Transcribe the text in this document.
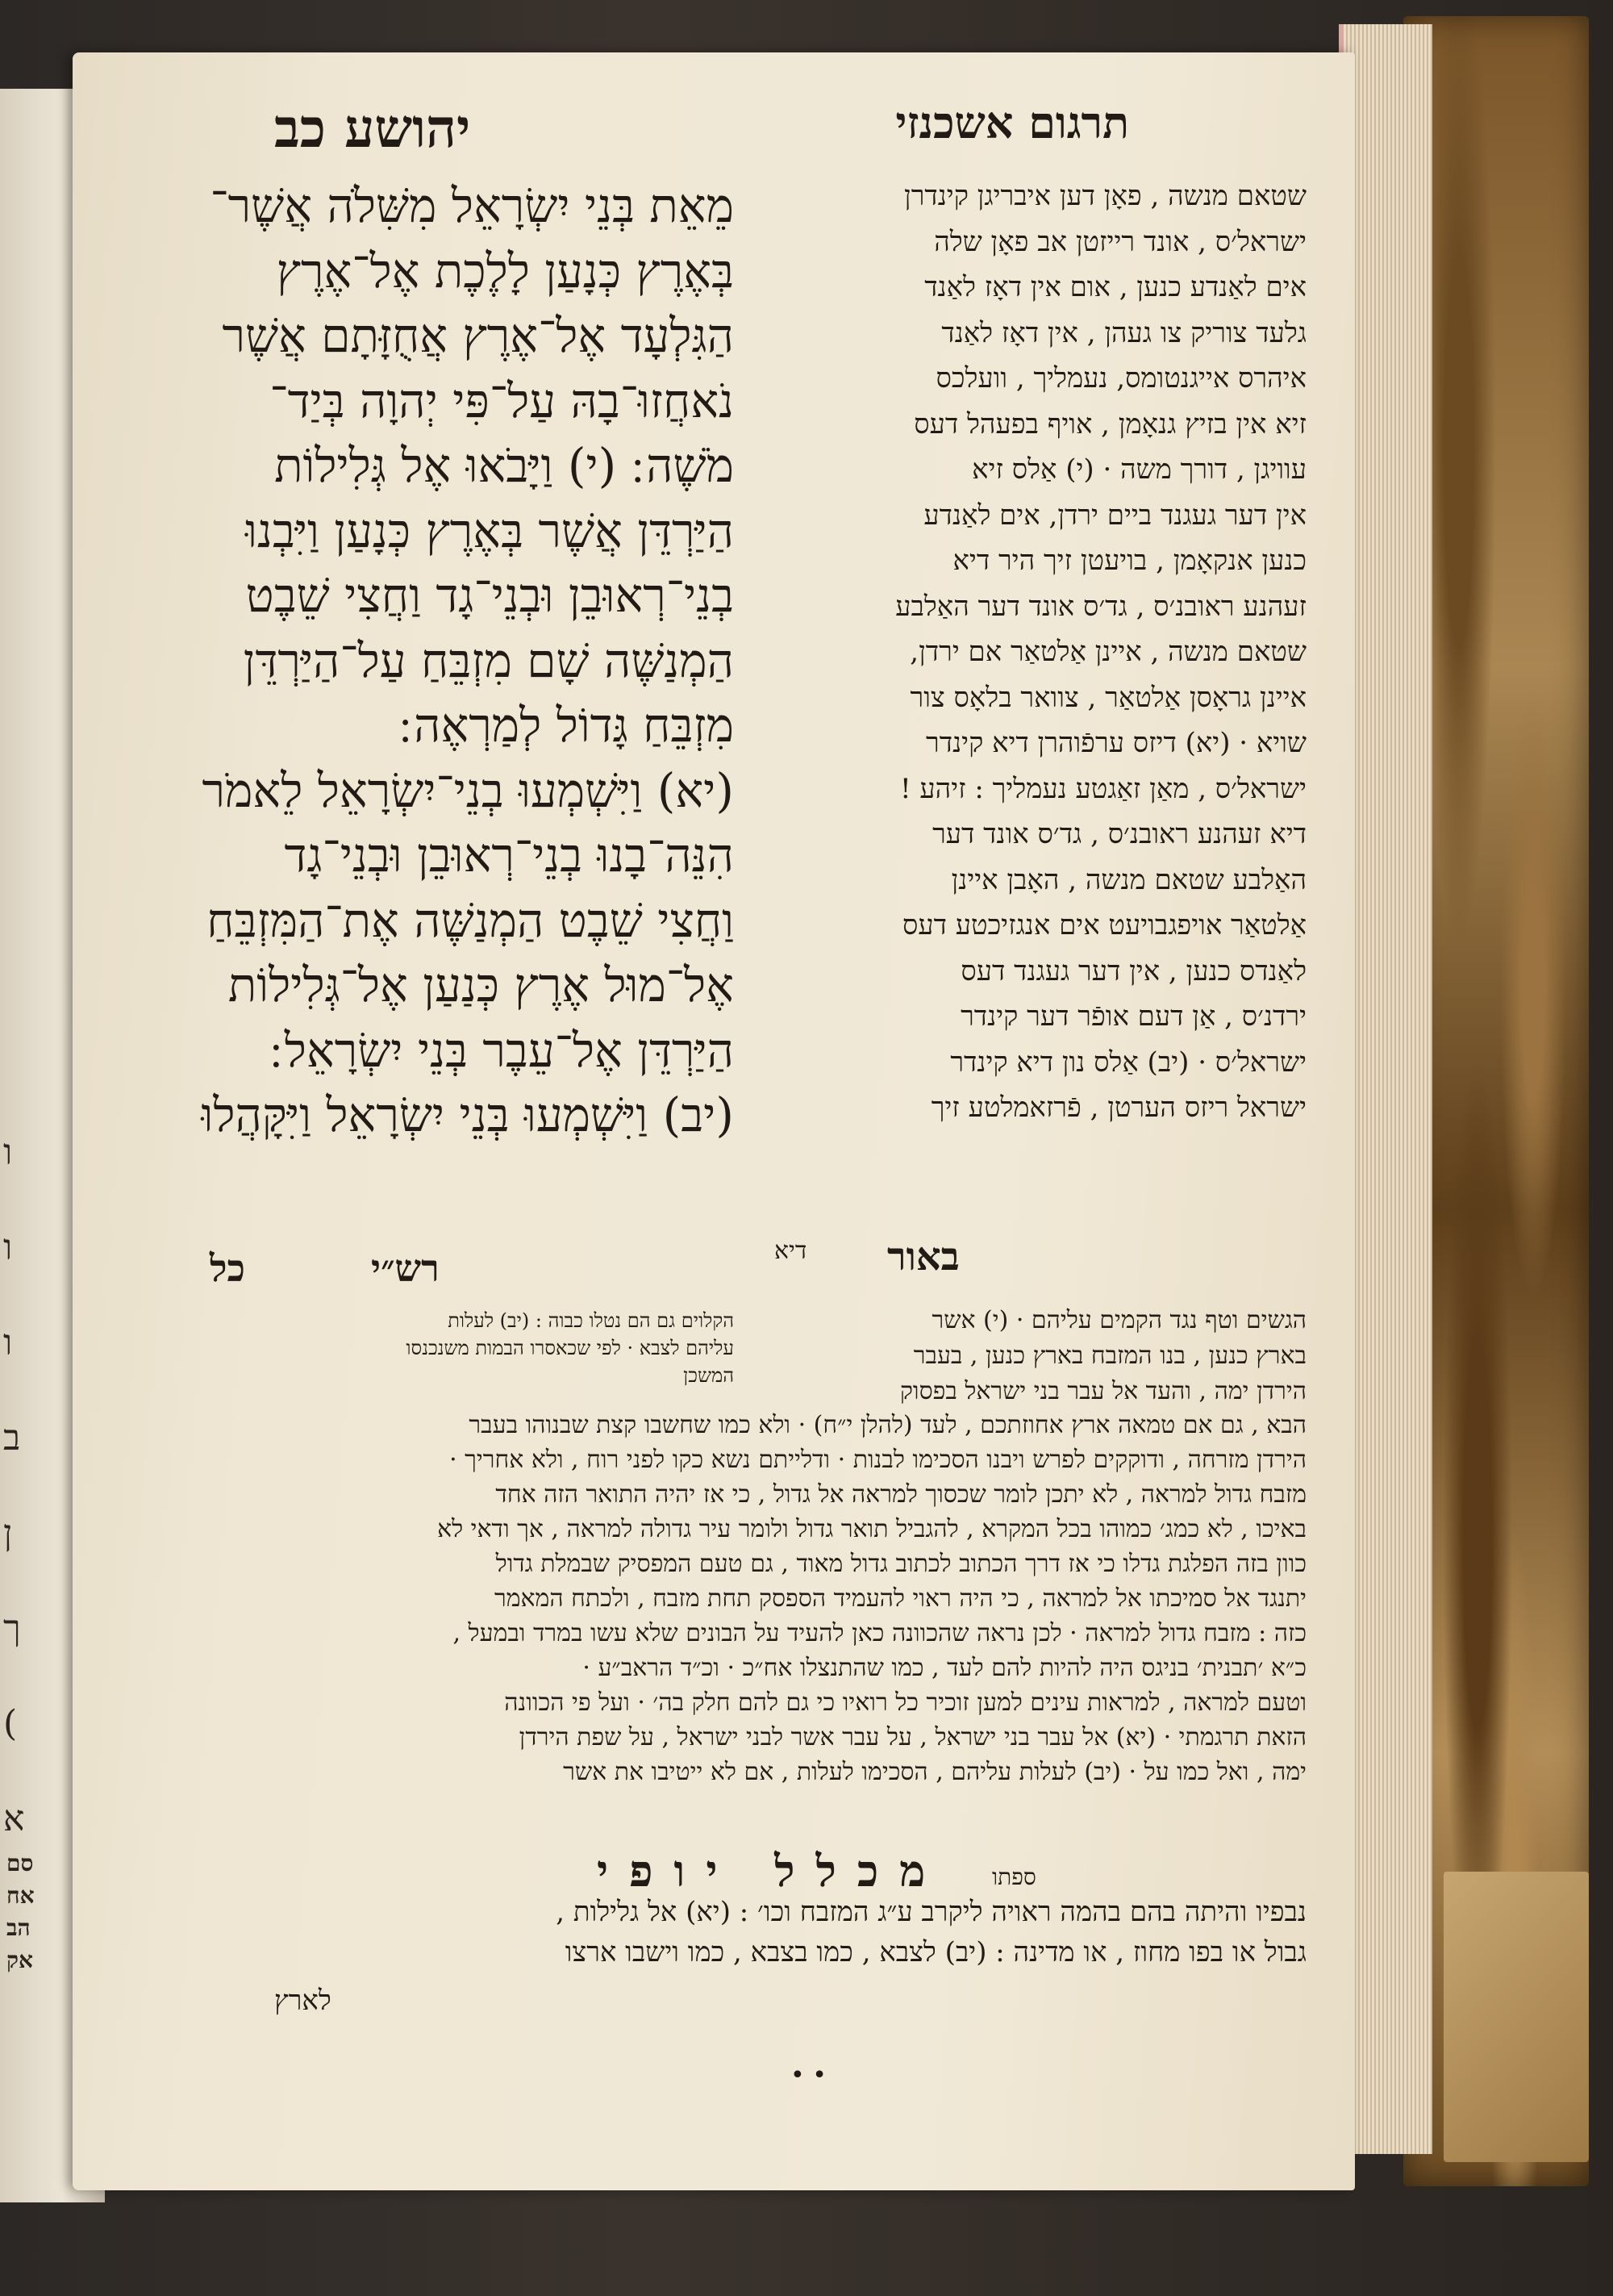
ו
ו
ו
ב
ן
ך
(
א
סם
אח
הב
אק
תרגום אשכנזי
יהושע כב
מֵאֵת בְּנֵי יִשְׂרָאֵל מִשִּׁלֹה אֲשֶׁר־
בְּאֶרֶץ כְּנָעַן לָלֶכֶת אֶל־אֶרֶץ
הַגִּלְעָד אֶל־אֶרֶץ אֲחֻזָּתָם אֲשֶׁר
נֹאחֲזוּ־בָהּ עַל־פִּי יְהוָה בְּיַד־
מֹשֶׁה ׃ (י) וַיָּבֹאוּ אֶל גְּלִילוֹת
הַיַּרְדֵּן אֲשֶׁר בְּאֶרֶץ כְּנָעַן וַיִּבְנוּ
בְנֵי־רְאוּבֵן וּבְנֵי־גָד וַחֲצִי שֵׁבֶט
הַמְנַשֶּׁה שָׁם מִזְבֵּחַ עַל־הַיַּרְדֵּן
מִזְבֵּחַ גָּדוֹל לְמַרְאֶה ׃
(יא) וַיִּשְׁמְעוּ בְנֵי־יִשְׂרָאֵל לֵאמֹר
הִנֵּה־בָנוּ בְנֵי־רְאוּבֵן וּבְנֵי־גָד
וַחֲצִי שֵׁבֶט הַמְנַשֶּׁה אֶת־הַמִּזְבֵּחַ
אֶל־מוּל אֶרֶץ כְּנַעַן אֶל־גְּלִילוֹת
הַיַּרְדֵּן אֶל־עֵבֶר בְּנֵי יִשְׂרָאֵל ׃
(יב) וַיִּשְׁמְעוּ בְּנֵי יִשְׂרָאֵל וַיִּקָּהֲלוּ
שטאם מנשה , פאָן דען איבריגן קינדרן
ישראל׳ס , אונד רייזטן אב פאָן שלה
אים לאַנדע כנען , אום אין דאָז לאַנד
גלעד צוריק צו געהן , אין דאָז לאַנד
איהרס אייגנטומס, נעמליך , וועלכס
זיא אין בזיץ גנאָמן , אויף בפעהל דעס
עוויגן , דורך משה · (י) אַלס זיא
אין דער געגנד ביים ירדן, אים לאַנדע
כנען אנקאָמן , בויעטן זיך היר דיא
זעהנע ראובנ׳ס , גד׳ס אונד דער האַלבע
שטאם מנשה , איינן אַלטאַר אם ירדן,
איינן גראָסן אַלטאַר , צוואר בלאָס צור
שויא · (יא) דיזס ערפֿוהרן דיא קינדר
ישראל׳ס , מאַן זאַגטע נעמליך : זיהע !
דיא זעהנע ראובנ׳ס , גד׳ס אונד דער
האַלבע שטאם מנשה , האָבן איינן
אַלטאַר אויפגבויעט אים אנגזיכטע דעס
לאַנדס כנען , אין דער געגנד דעס
ירדנ׳ס , אַן דעם אופֿר דער קינדר
ישראל׳ס · (יב) אַלס נון דיא קינדר
ישראל ריזס הערטן , פֿרזאמלטע זיך
רש״י כל	באור
דיא
הקלוים גם הם נטלו כבוה : (יב) לעלות
עליהם לצבא · לפי שכאסרו הבמות משנכנסו
המשכן
הגשים וטף נגד הקמים עליהם · (י) אשר
בארץ כנען , בנו המזבח בארץ כנען , בעבר
הירדן ימה , והעד אל עבר בני ישראל בפסוק
הבא , גם אם טמאה ארץ אחוזתכם , לעד (להלן י״ח) · ולא כמו שחשבו קצת שבנוהו בעבר
הירדן מזרחה , ודוקקים לפרש ויבנו הסכימו לבנות · ודלייתם נשא כקו לפני רוח , ולא אחריך ·
מזבח גדול למראה , לא יתכן לומר שכסוך למראה אל גדול , כי אז יהיה התואר הזה אחד
באיכו , לא כמג׳ כמוהו בכל המקרא , להגביל תואר גדול ולומר עיר גדולה למראה , אך ודאי לא
כוון בזה הפלגת גדלו כי אז דרך הכתוב לכתוב גדול מאוד , גם טעם המפסיק שבמלת גדול
יתנגד אל סמיכתו אל למראה , כי היה ראוי להעמיד הספסק תחת מזבח , ולכתח המאמר
כזה : מזבח גדול למראה · לכן נראה שהכוונה כאן להעיד על הבונים שלא עשו במרד ובמעל ,
כ״א ׳תבנית׳ בניגס היה להיות להם לעד , כמו שהתנצלו אח״כ · וכ״ד הראב״ע ·
וטעם למראה , למראות עינים למען זוכיר כל רואיו כי גם להם חלק בה׳ · ועל פי הכוונה
הזאת תרגמתי · (יא) אל עבר בני ישראל , על עבר אשר לבני ישראל , על שפת הירדן
ימה , ואל כמו על · (יב) לעלות עליהם , הסכימו לעלות , אם לא ייטיבו את אשר
מכלל יופי ספתו
נבפיו והיתה בהם בהמה ראויה ליקרב ע״ג המזבח וכו׳ : (יא) אל גלילות ,
גבול או בפו מחוז , או מדינה : (יב) לצבא , כמו בצבא , כמו וישבו ארצו
לארץ
• •
